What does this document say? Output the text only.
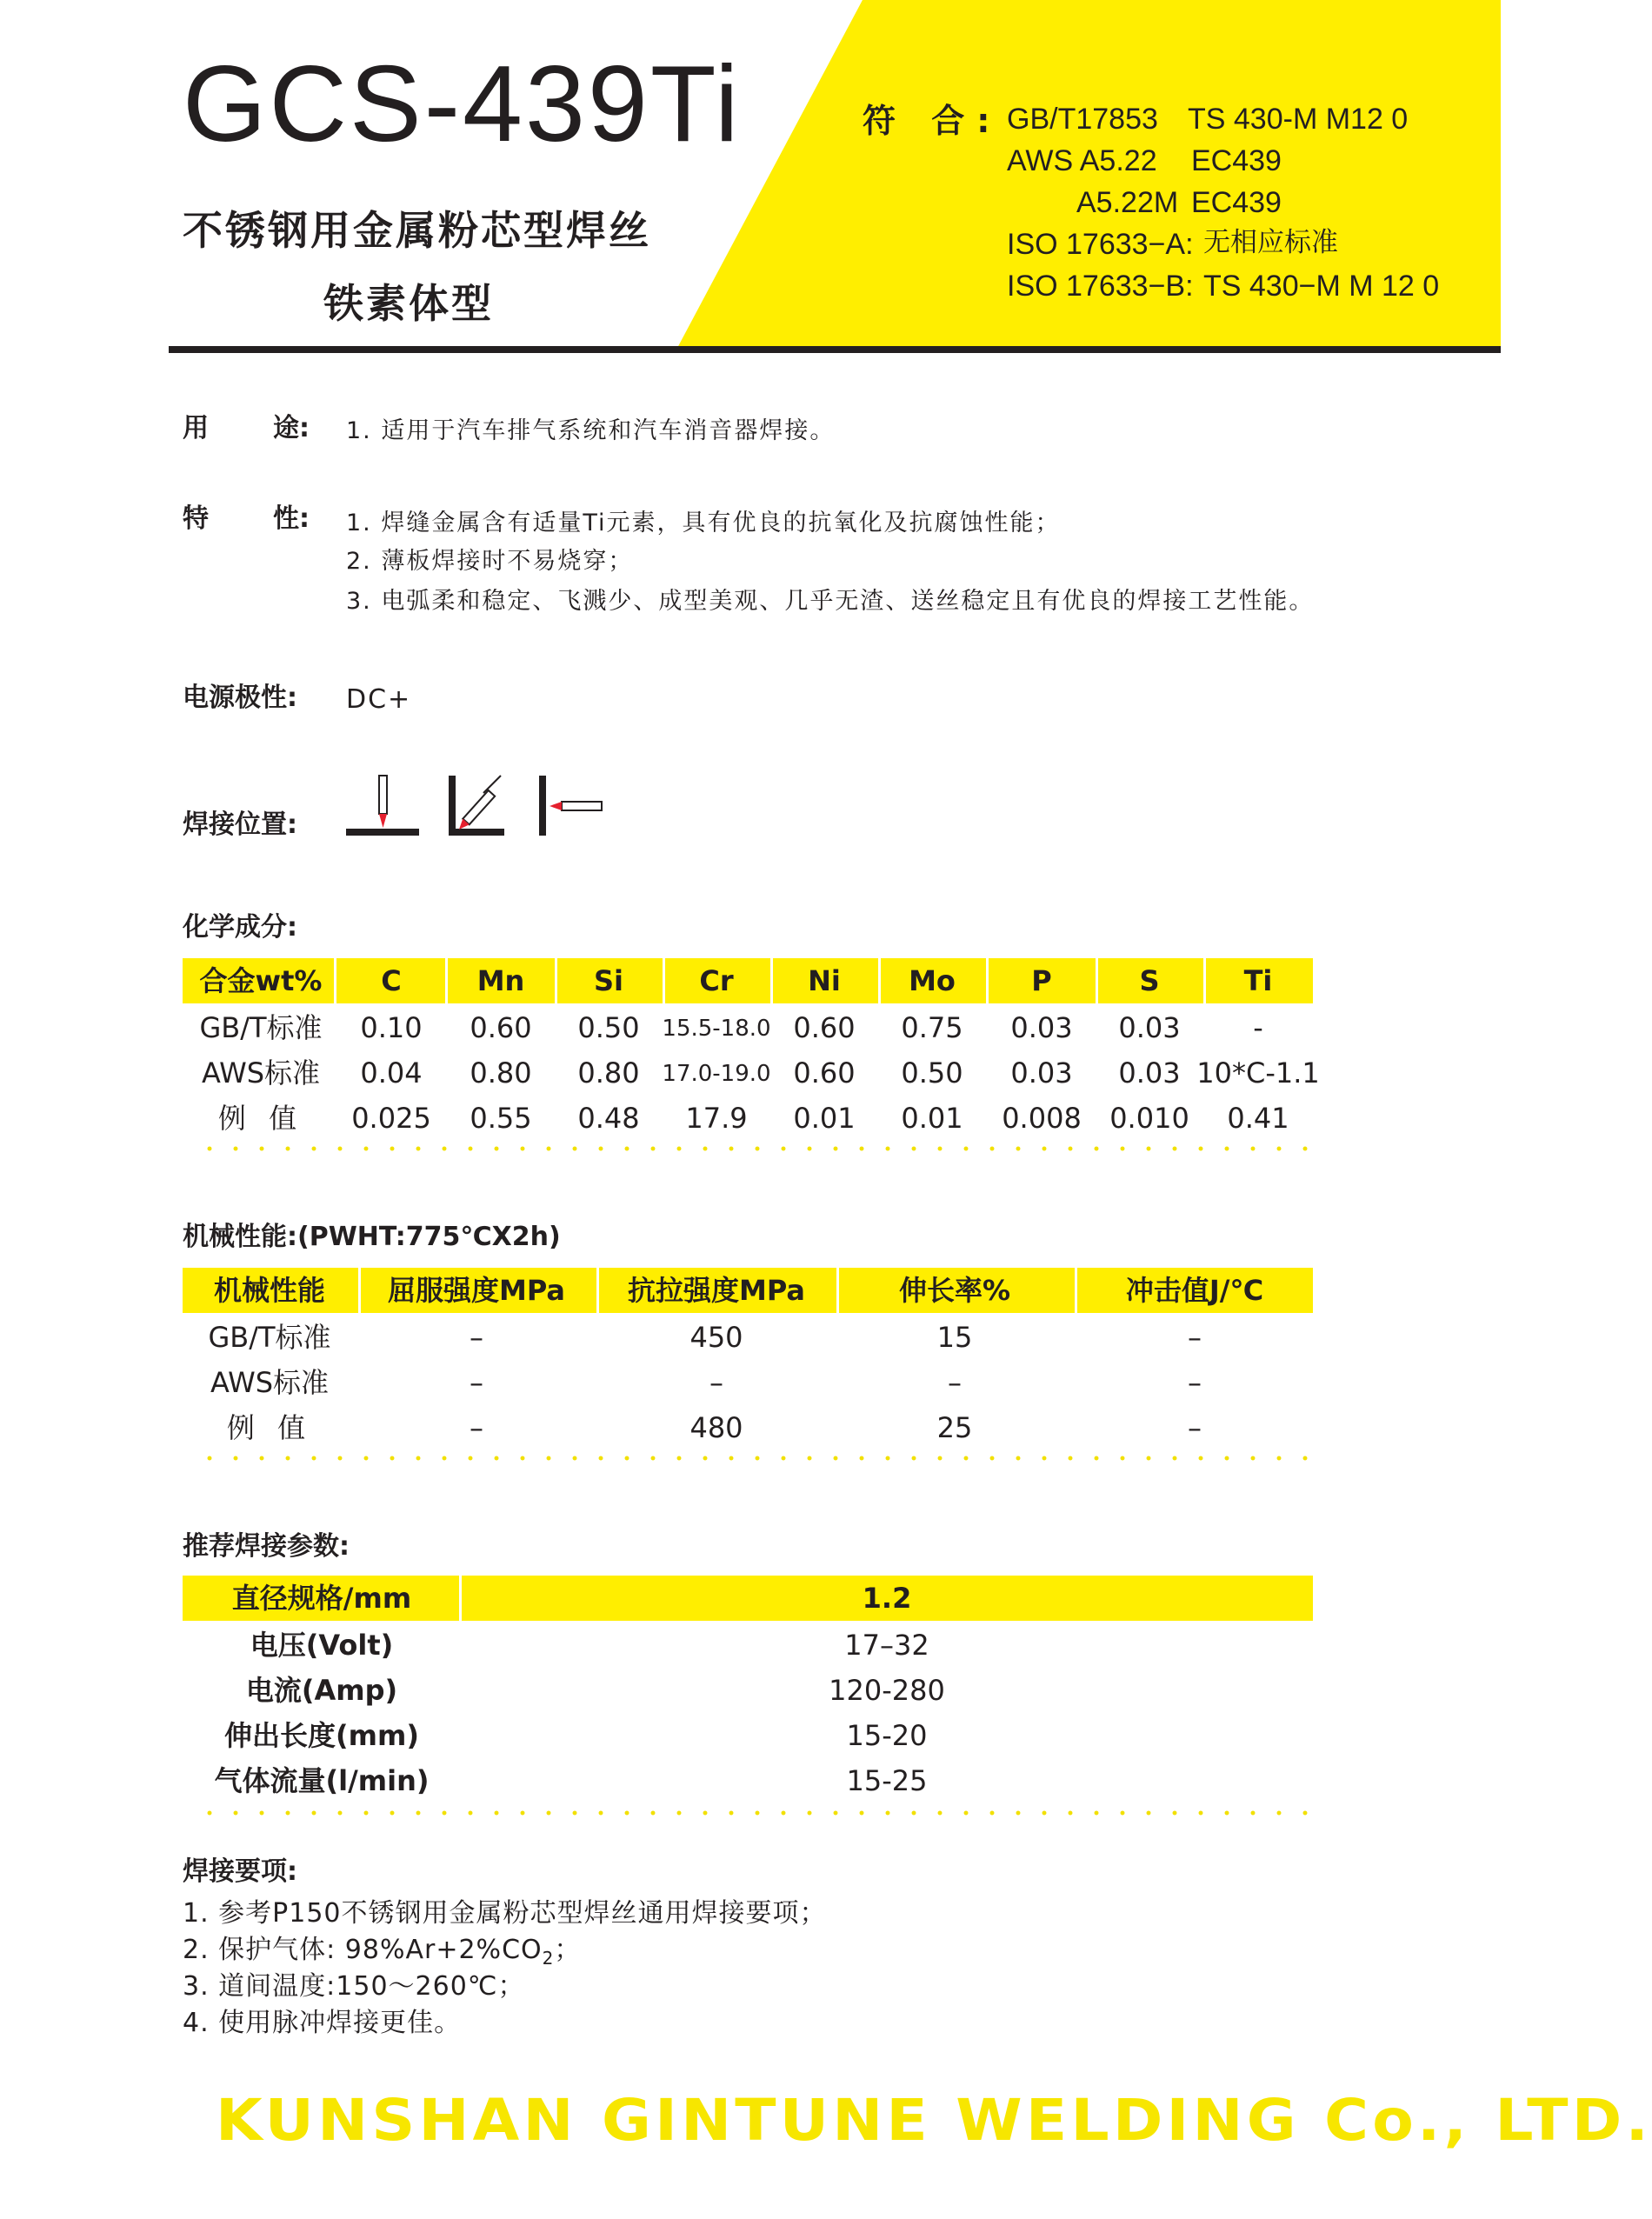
GCS-439Ti
不锈钢用金属粉芯型焊丝
铁素体型
符 合: GB/T17853 TS 430-M M12 0
AWS A5.22 EC439
A5.22M EC439
ISO 17633−A: 无相应标准
ISO 17633−B: TS 430−M M 12 0
用 途: 1. 适用于汽车排气系统和汽车消音器焊接。
特 性: 1. 焊缝金属含有适量Ti元素，具有优良的抗氧化及抗腐蚀性能；
2. 薄板焊接时不易烧穿；
3. 电弧柔和稳定、飞溅少、成型美观、几乎无渣、送丝稳定且有优良的焊接工艺性能。
电源极性: DC+
焊接位置:
化学成分:
合金wt% C	Mn Si	Cr	Ni Mo	P	S	Ti
GB/T标准 0.10 0.60 0.50 15.5-18.0 0.60 0.75 0.03 0.03	-
AWS标准 0.04 0.80 0.80 17.0-19.0 0.60 0.50 0.03 0.03 10*C-1.1
例 值 0.025 0.55 0.48 17.9 0.01 0.01 0.008 0.010 0.41
机械性能:(PWHT:775℃X2h)
机械性能 屈服强度MPa 抗拉强度MPa	伸长率%	冲击值J/℃
GB/T标准	–	450	15	–
AWS标准	–	–	–	–
例 值	–	480	25	–
推荐焊接参数:
直径规格/mm	1.2
电压(Volt)	17–32
电流(Amp)	120-280
伸出长度(mm)	15-20
气体流量(l/min)	15-25
焊接要项:
1. 参考P150不锈钢用金属粉芯型焊丝通用焊接要项；
2. 保护气体: $98\%Ar+2\%CO_2$；
3. 道间温度:150～260℃；
4. 使用脉冲焊接更佳。
KUNSHAN GINTUNE WELDING Co., LTD.
